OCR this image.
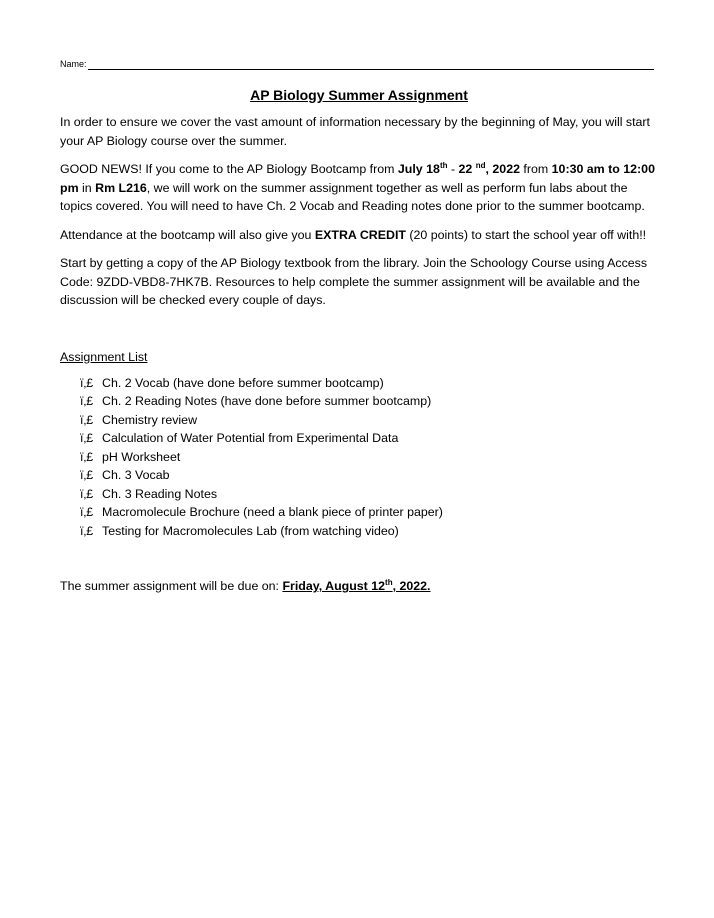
Name:
AP Biology Summer Assignment

In order to ensure we cover the vast amount of information necessary by the beginning of May, you will start your AP Biology course over the summer.

GOOD NEWS! If you come to the AP Biology Bootcamp from July 18th - 22 $^{nd}$, 2022 from 10:30 am to 12:00 pm in Rm L216, we will work on the summer assignment together as well as perform fun labs about the topics covered. You will need to have Ch. 2 Vocab and Reading notes done prior to the summer bootcamp.

Attendance at the bootcamp will also give you EXTRA CREDIT (20 points) to start the school year off with!!

Start by getting a copy of the AP Biology textbook from the library. Join the Schoology Course using Access Code: 9ZDD-VBD8-7HK7B. Resources to help complete the summer assignment will be available and the discussion will be checked every couple of days.

Assignment List
ï‚£ Ch. 2 Vocab (have done before summer bootcamp)
ï‚£ Ch. 2 Reading Notes (have done before summer bootcamp)
ï‚£ Chemistry review
ï‚£ Calculation of Water Potential from Experimental Data
ï‚£ pH Worksheet
ï‚£ Ch. 3 Vocab
ï‚£ Ch. 3 Reading Notes
ï‚£ Macromolecule Brochure (need a blank piece of printer paper)
ï‚£ Testing for Macromolecules Lab (from watching video)

The summer assignment will be due on: Friday, August 12th, 2022.
